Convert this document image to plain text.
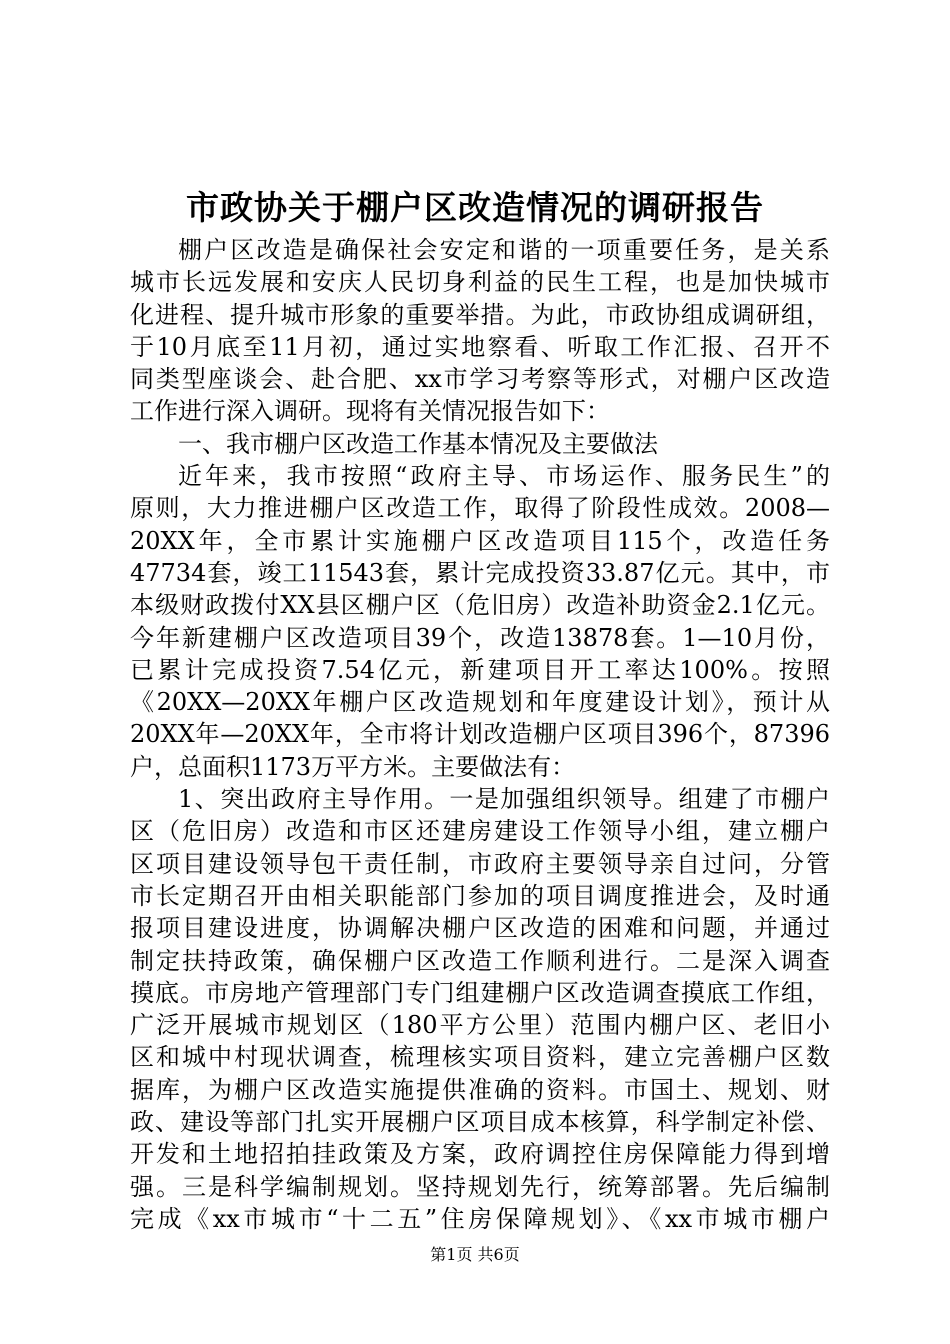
市政协关于棚户区改造情况的调研报告
棚户区改造是确保社会安定和谐的一项重要任务，是关系
城市长远发展和安庆人民切身利益的民生工程，也是加快城市
化进程、提升城市形象的重要举措。为此，市政协组成调研组，
于10月底至11月初，通过实地察看、听取工作汇报、召开不
同类型座谈会、赴合肥、xx市学习考察等形式，对棚户区改造
工作进行深入调研。现将有关情况报告如下：
一、我市棚户区改造工作基本情况及主要做法
近年来，我市按照“政府主导、市场运作、服务民生”的
原则，大力推进棚户区改造工作，取得了阶段性成效。2008—
20XX年，全市累计实施棚户区改造项目115个，改造任务
47734套，竣工11543套，累计完成投资33.87亿元。其中，市
本级财政拨付XX县区棚户区（危旧房）改造补助资金2.1亿元。
今年新建棚户区改造项目39个，改造13878套。1—10月份，
已累计完成投资7.54亿元，新建项目开工率达100%。按照
《20XX—20XX年棚户区改造规划和年度建设计划》，预计从
20XX年—20XX年，全市将计划改造棚户区项目396个，87396
户，总面积1173万平方米。主要做法有：
1、突出政府主导作用。一是加强组织领导。组建了市棚户
区（危旧房）改造和市区还建房建设工作领导小组，建立棚户
区项目建设领导包干责任制，市政府主要领导亲自过问，分管
市长定期召开由相关职能部门参加的项目调度推进会，及时通
报项目建设进度，协调解决棚户区改造的困难和问题，并通过
制定扶持政策，确保棚户区改造工作顺利进行。二是深入调查
摸底。市房地产管理部门专门组建棚户区改造调查摸底工作组，
广泛开展城市规划区（180平方公里）范围内棚户区、老旧小
区和城中村现状调查，梳理核实项目资料，建立完善棚户区数
据库，为棚户区改造实施提供准确的资料。市国土、规划、财
政、建设等部门扎实开展棚户区项目成本核算，科学制定补偿、
开发和土地招拍挂政策及方案，政府调控住房保障能力得到增
强。三是科学编制规划。坚持规划先行，统筹部署。先后编制
完成《xx市城市“十二五”住房保障规划》、《xx市城市棚户
第1页 共6页
